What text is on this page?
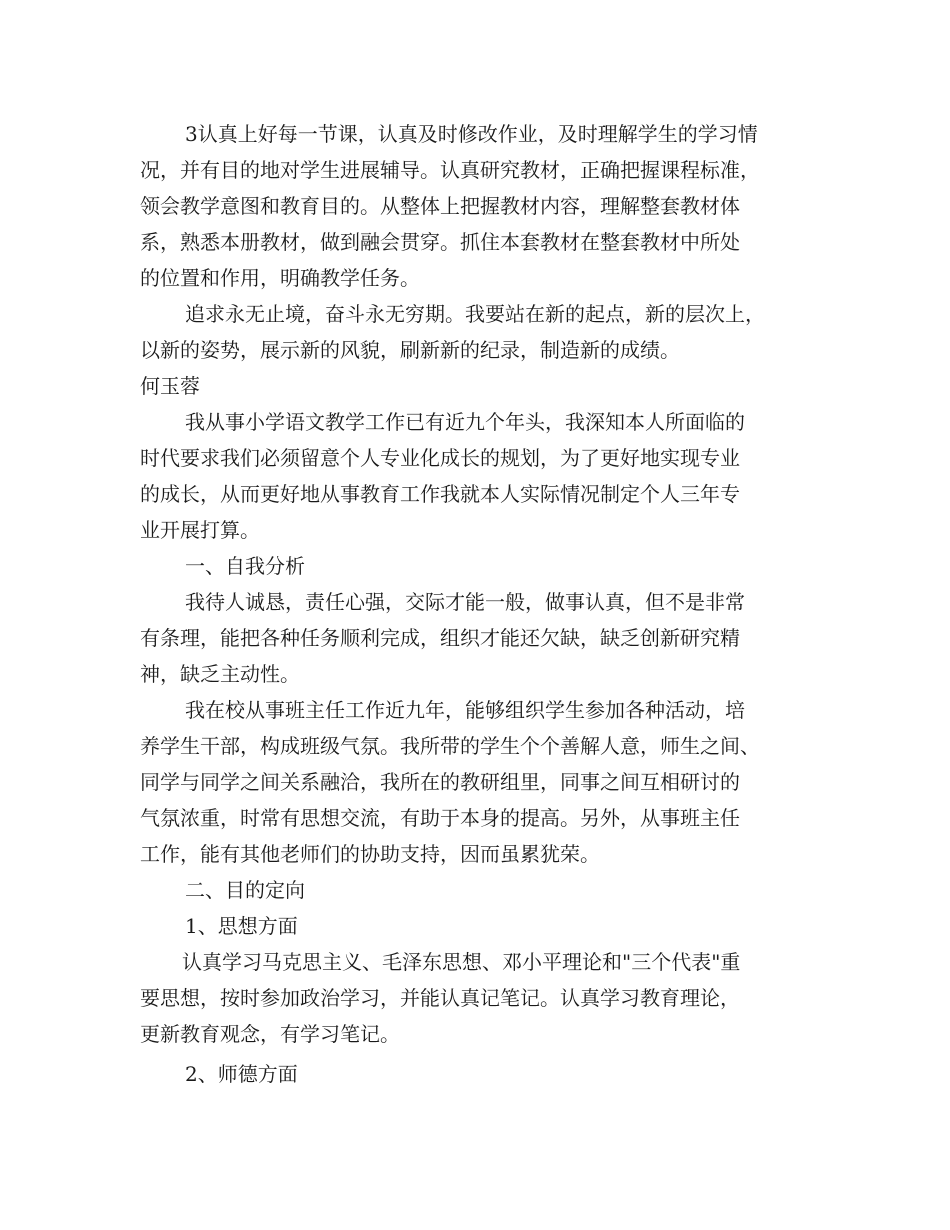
3认真上好每一节课，认真及时修改作业，及时理解学生的学习情
况，并有目的地对学生进展辅导。认真研究教材，正确把握课程标准，
领会教学意图和教育目的。从整体上把握教材内容，理解整套教材体
系，熟悉本册教材，做到融会贯穿。抓住本套教材在整套教材中所处
的位置和作用，明确教学任务。
追求永无止境，奋斗永无穷期。我要站在新的起点，新的层次上，
以新的姿势，展示新的风貌，刷新新的纪录，制造新的成绩。
何玉蓉
我从事小学语文教学工作已有近九个年头，我深知本人所面临的
时代要求我们必须留意个人专业化成长的规划，为了更好地实现专业
的成长，从而更好地从事教育工作我就本人实际情况制定个人三年专
业开展打算。
一、自我分析
我待人诚恳，责任心强，交际才能一般，做事认真，但不是非常
有条理，能把各种任务顺利完成，组织才能还欠缺，缺乏创新研究精
神，缺乏主动性。
我在校从事班主任工作近九年，能够组织学生参加各种活动，培
养学生干部，构成班级气氛。我所带的学生个个善解人意，师生之间、
同学与同学之间关系融洽，我所在的教研组里，同事之间互相研讨的
气氛浓重，时常有思想交流，有助于本身的提高。另外，从事班主任
工作，能有其他老师们的协助支持，因而虽累犹荣。
二、目的定向
1、思想方面
认真学习马克思主义、毛泽东思想、邓小平理论和"三个代表"重
要思想，按时参加政治学习，并能认真记笔记。认真学习教育理论，
更新教育观念，有学习笔记。
2、师德方面
